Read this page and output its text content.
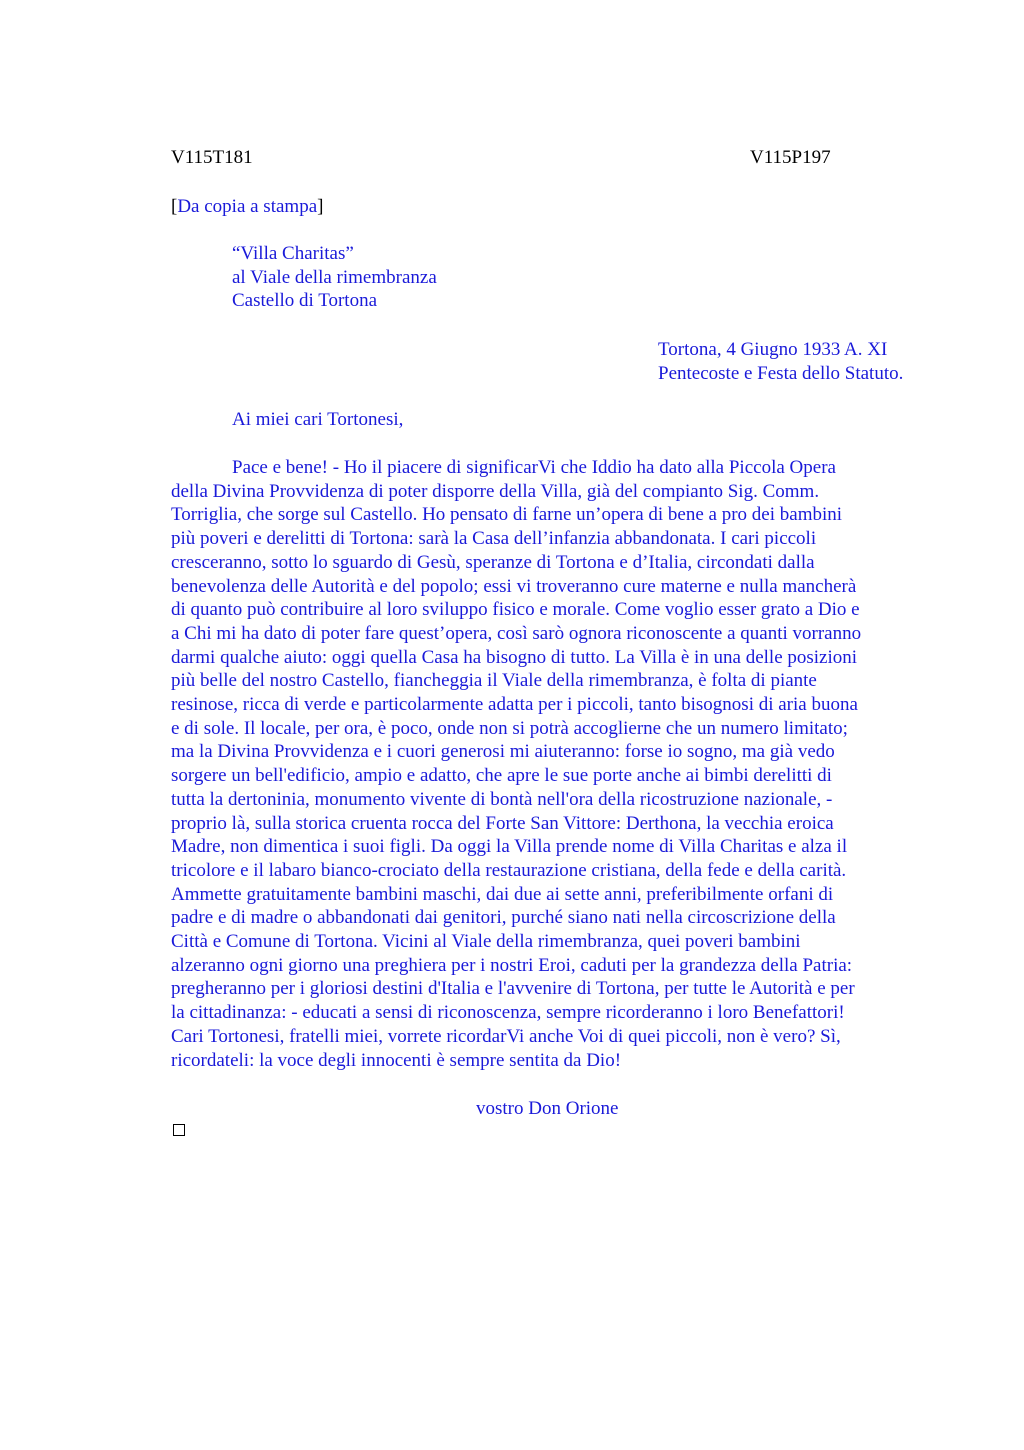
V115T181	V115P197
[Da copia a stampa]
“Villa Charitas”
al Viale della rimembranza
Castello di Tortona
Tortona, 4 Giugno 1933 A. XI
Pentecoste e Festa dello Statuto.
Ai miei cari Tortonesi,
Pace e bene! - Ho il piacere di significarVi che Iddio ha dato alla Piccola Opera
della Divina Provvidenza di poter disporre della Villa, già del compianto Sig. Comm.
Torriglia, che sorge sul Castello. Ho pensato di farne un’opera di bene a pro dei bambini
più poveri e derelitti di Tortona: sarà la Casa dell’infanzia abbandonata. I cari piccoli
cresceranno, sotto lo sguardo di Gesù, speranze di Tortona e d’Italia, circondati dalla
benevolenza delle Autorità e del popolo; essi vi troveranno cure materne e nulla mancherà
di quanto può contribuire al loro sviluppo fisico e morale. Come voglio esser grato a Dio e
a Chi mi ha dato di poter fare quest’opera, così sarò ognora riconoscente a quanti vorranno
darmi qualche aiuto: oggi quella Casa ha bisogno di tutto. La Villa è in una delle posizioni
più belle del nostro Castello, fiancheggia il Viale della rimembranza, è folta di piante
resinose, ricca di verde e particolarmente adatta per i piccoli, tanto bisognosi di aria buona
e di sole. Il locale, per ora, è poco, onde non si potrà accoglierne che un numero limitato;
ma la Divina Provvidenza e i cuori generosi mi aiuteranno: forse io sogno, ma già vedo
sorgere un bell'edificio, ampio e adatto, che apre le sue porte anche ai bimbi derelitti di
tutta la dertoninia, monumento vivente di bontà nell'ora della ricostruzione nazionale, -
proprio là, sulla storica cruenta rocca del Forte San Vittore: Derthona, la vecchia eroica
Madre, non dimentica i suoi figli. Da oggi la Villa prende nome di Villa Charitas e alza il
tricolore e il labaro bianco-crociato della restaurazione cristiana, della fede e della carità.
Ammette gratuitamente bambini maschi, dai due ai sette anni, preferibilmente orfani di
padre e di madre o abbandonati dai genitori, purché siano nati nella circoscrizione della
Città e Comune di Tortona. Vicini al Viale della rimembranza, quei poveri bambini
alzeranno ogni giorno una preghiera per i nostri Eroi, caduti per la grandezza della Patria:
pregheranno per i gloriosi destini d'Italia e l'avvenire di Tortona, per tutte le Autorità e per
la cittadinanza: - educati a sensi di riconoscenza, sempre ricorderanno i loro Benefattori!
Cari Tortonesi, fratelli miei, vorrete ricordarVi anche Voi di quei piccoli, non è vero? Sì,
ricordateli: la voce degli innocenti è sempre sentita da Dio!
vostro Don Orione
